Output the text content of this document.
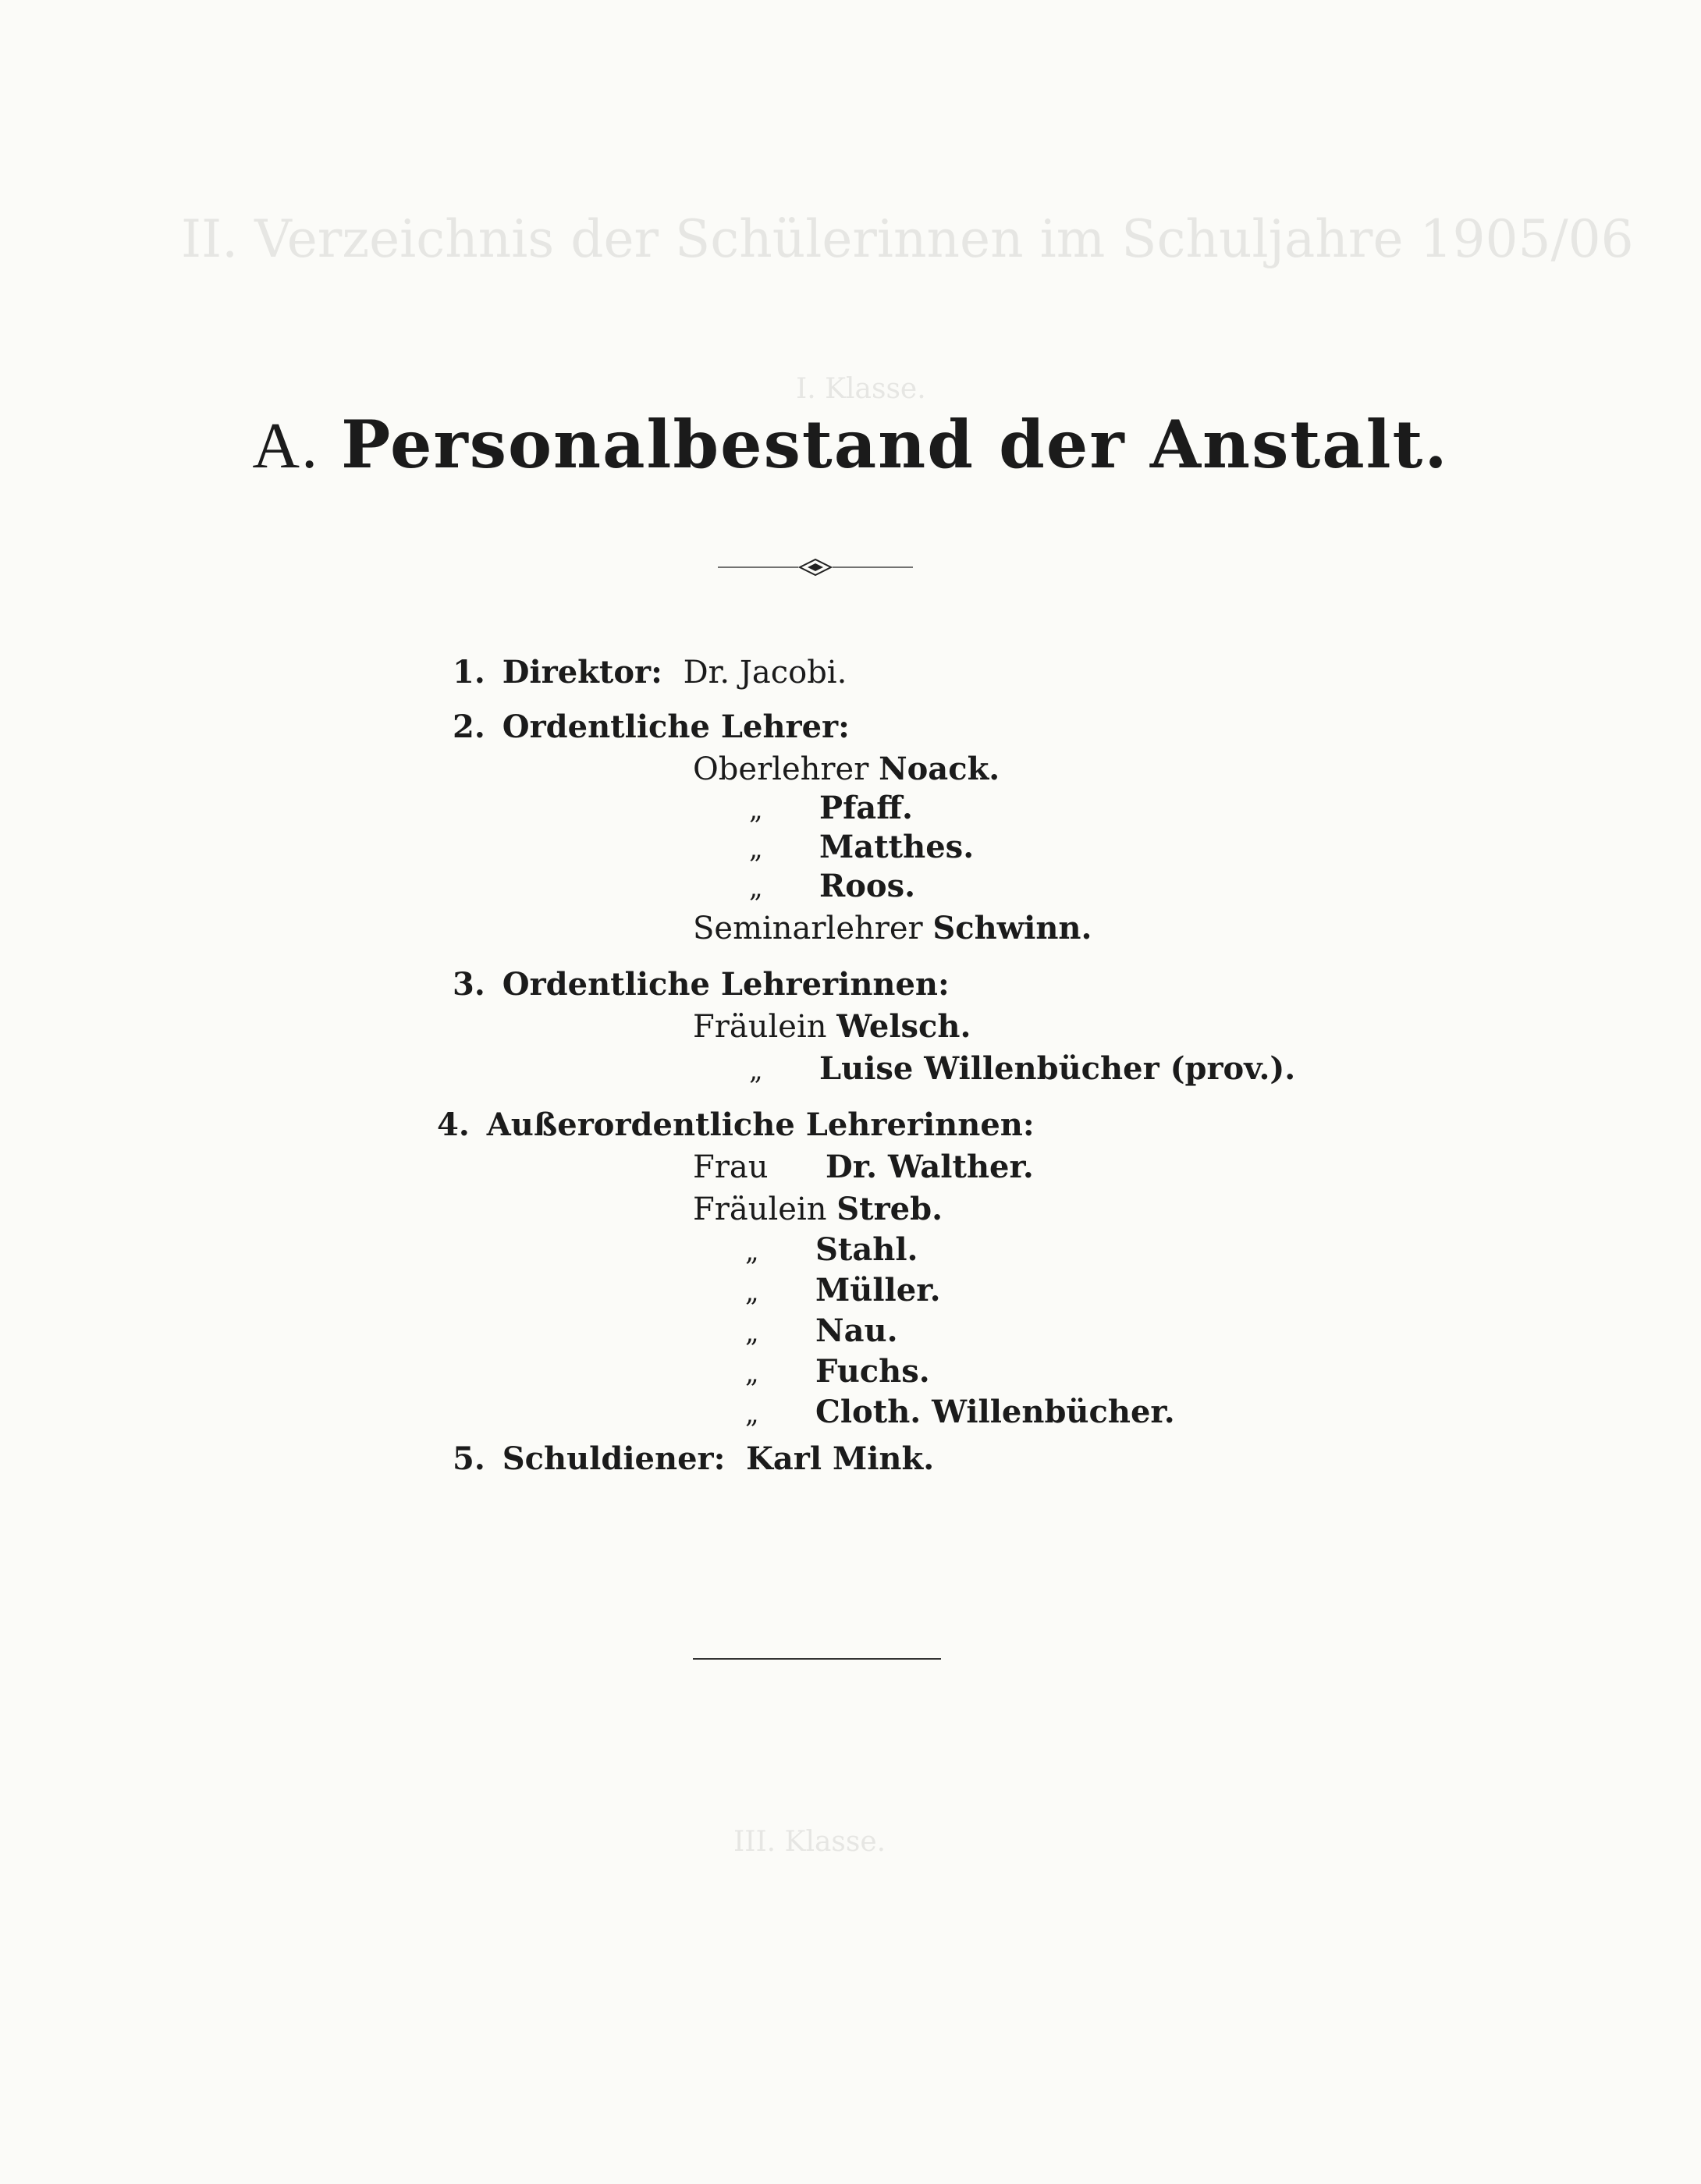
II. Verzeichnis der Schülerinnen im Schuljahre 1905/06
I. Klasse.
III. Klasse.
A. Personalbestand der Anstalt.
1. Direktor: Dr. Jacobi.
2. Ordentliche Lehrer:
Oberlehrer Noack.
„ Pfaff.
„ Matthes.
„ Roos.
Seminarlehrer Schwinn.
3. Ordentliche Lehrerinnen:
Fräulein Welsch.
„ Luise Willenbücher (prov.).
4. Außerordentliche Lehrerinnen:
Frau Dr. Walther.
Fräulein Streb.
„ Stahl.
„ Müller.
„ Nau.
„ Fuchs.
„ Cloth. Willenbücher.
5. Schuldiener: Karl Mink.
